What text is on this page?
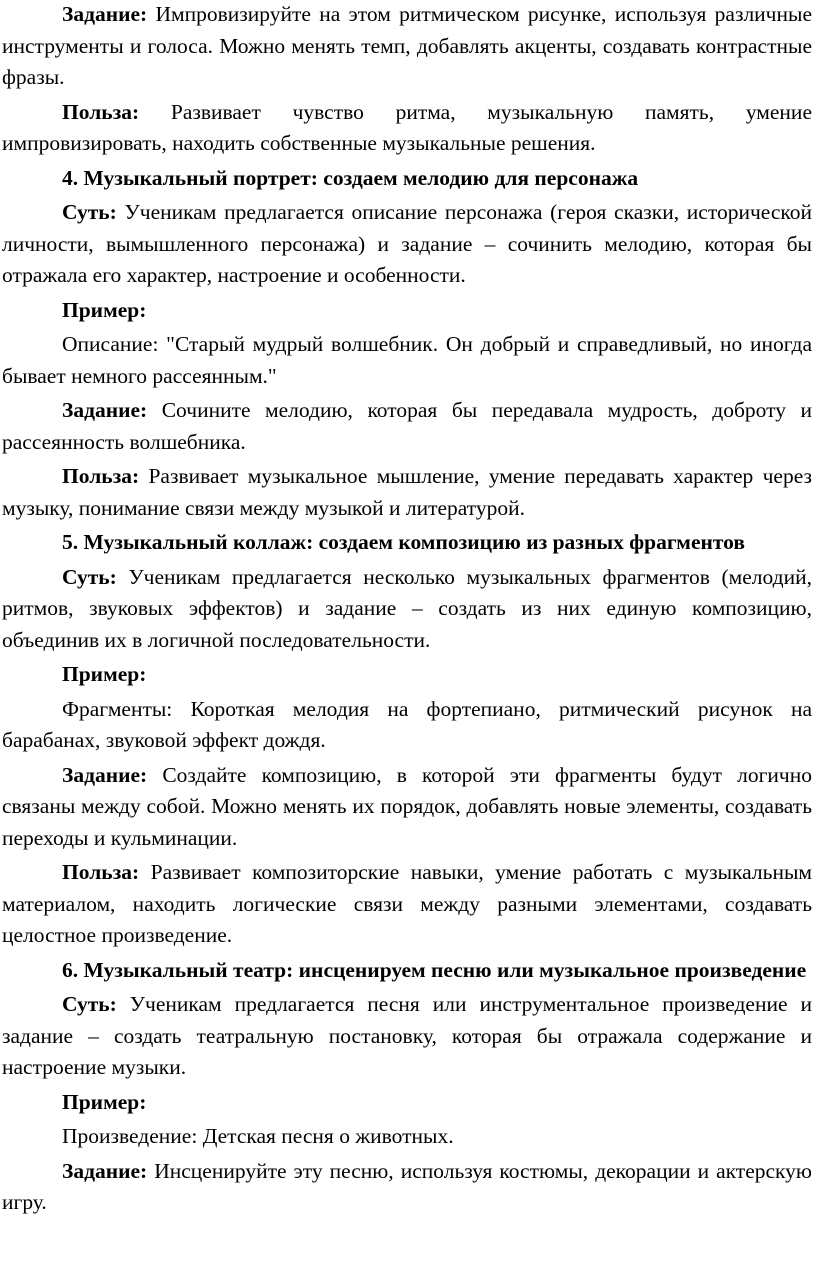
Задание: Импровизируйте на этом ритмическом рисунке, используя различные инструменты и голоса. Можно менять темп, добавлять акценты, создавать контрастные фразы.

Польза: Развивает чувство ритма, музыкальную память, умение импровизировать, находить собственные музыкальные решения.

4. Музыкальный портрет: создаем мелодию для персонажа

Суть: Ученикам предлагается описание персонажа (героя сказки, исторической личности, вымышленного персонажа) и задание – сочинить мелодию, которая бы отражала его характер, настроение и особенности.

Пример:

Описание: "Старый мудрый волшебник. Он добрый и справедливый, но иногда бывает немного рассеянным."

Задание: Сочините мелодию, которая бы передавала мудрость, доброту и рассеянность волшебника.

Польза: Развивает музыкальное мышление, умение передавать характер через музыку, понимание связи между музыкой и литературой.

5. Музыкальный коллаж: создаем композицию из разных фрагментов

Суть: Ученикам предлагается несколько музыкальных фрагментов (мелодий, ритмов, звуковых эффектов) и задание – создать из них единую композицию, объединив их в логичной последовательности.

Пример:

Фрагменты: Короткая мелодия на фортепиано, ритмический рисунок на барабанах, звуковой эффект дождя.

Задание: Создайте композицию, в которой эти фрагменты будут логично связаны между собой. Можно менять их порядок, добавлять новые элементы, создавать переходы и кульминации.

Польза: Развивает композиторские навыки, умение работать с музыкальным материалом, находить логические связи между разными элементами, создавать целостное произведение.

6. Музыкальный театр: инсценируем песню или музыкальное произведение

Суть: Ученикам предлагается песня или инструментальное произведение и задание – создать театральную постановку, которая бы отражала содержание и настроение музыки.

Пример:

Произведение: Детская песня о животных.

Задание: Инсценируйте эту песню, используя костюмы, декорации и актерскую игру.
